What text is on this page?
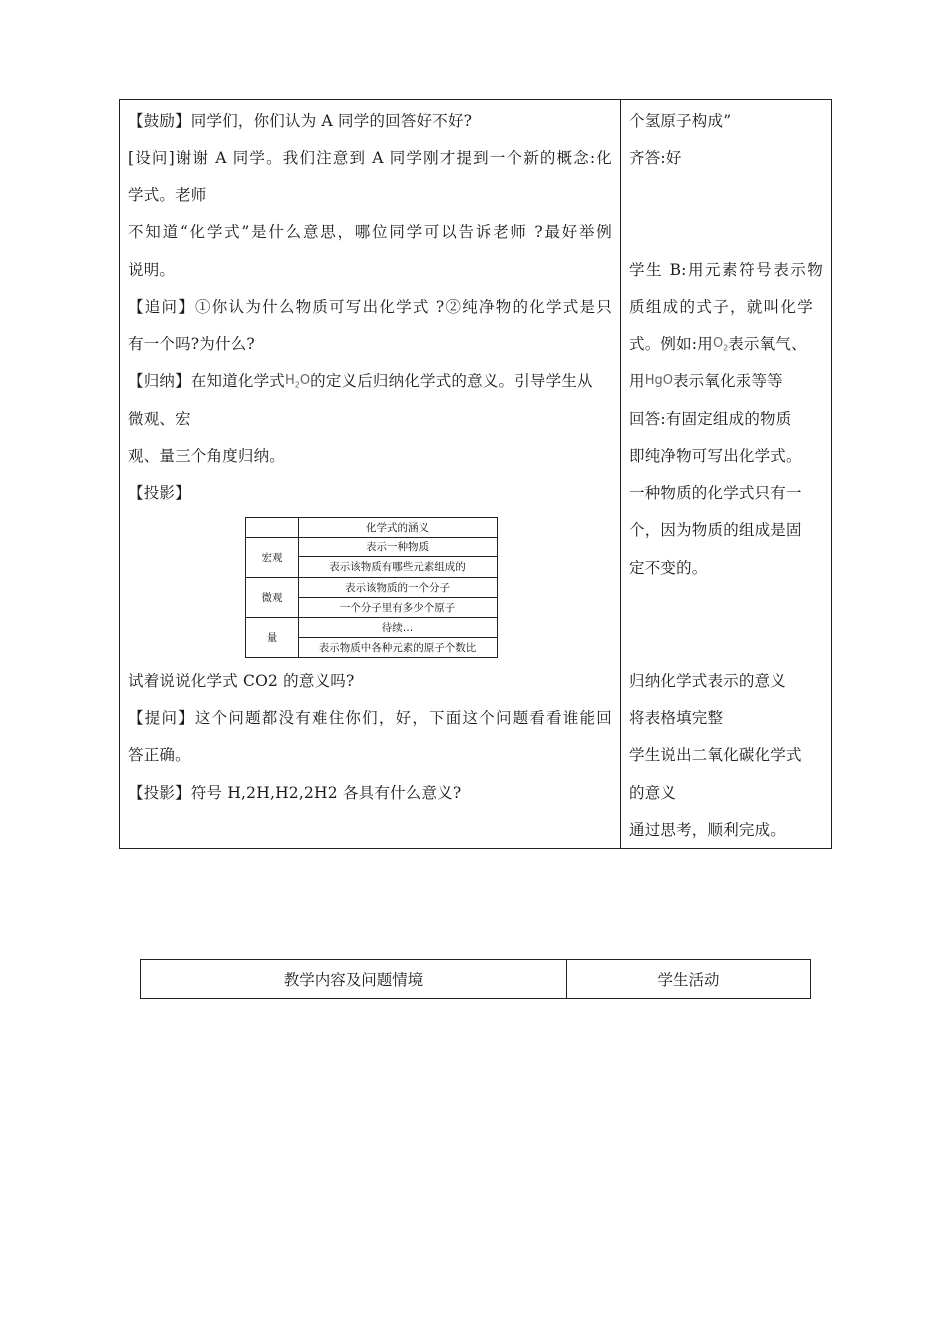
【鼓励】同学们，你们认为 A 同学的回答好不好?
[设问]谢谢 A 同学。我们注意到 A 同学刚才提到一个新的概念:化
学式。老师
不知道“化学式”是什么意思，哪位同学可以告诉老师 ?最好举例
说明。
【追问】①你认为什么物质可写出化学式 ?②纯净物的化学式是只
有一个吗?为什么?
【归纳】在知道化学式$H_2O$的定义后归纳化学式的意义。引导学生从
微观、宏
观、量三个角度归纳。
【投影】
化学式的涵义
宏观
表示一种物质
表示该物质有哪些元素组成的
微观
表示该物质的一个分子
一个分子里有多少个原子
量
待续…
表示物质中各种元素的原子个数比
试着说说化学式 CO2 的意义吗?
【提问】这个问题都没有难住你们，好，下面这个问题看看谁能回
答正确。
【投影】符号 H,2H,H2,2H2 各具有什么意义?
个氢原子构成”
齐答:好
学生 B:用元素符号表示物
质组成的式子，就叫化学
式。例如:用$O_2$表示氧气、
用HgO表示氧化汞等等
回答:有固定组成的物质
即纯净物可写出化学式。
一种物质的化学式只有一
个，因为物质的组成是固
定不变的。
归纳化学式表示的意义
将表格填完整
学生说出二氧化碳化学式
的意义
通过思考，顺利完成。
教学内容及问题情境	学生活动
